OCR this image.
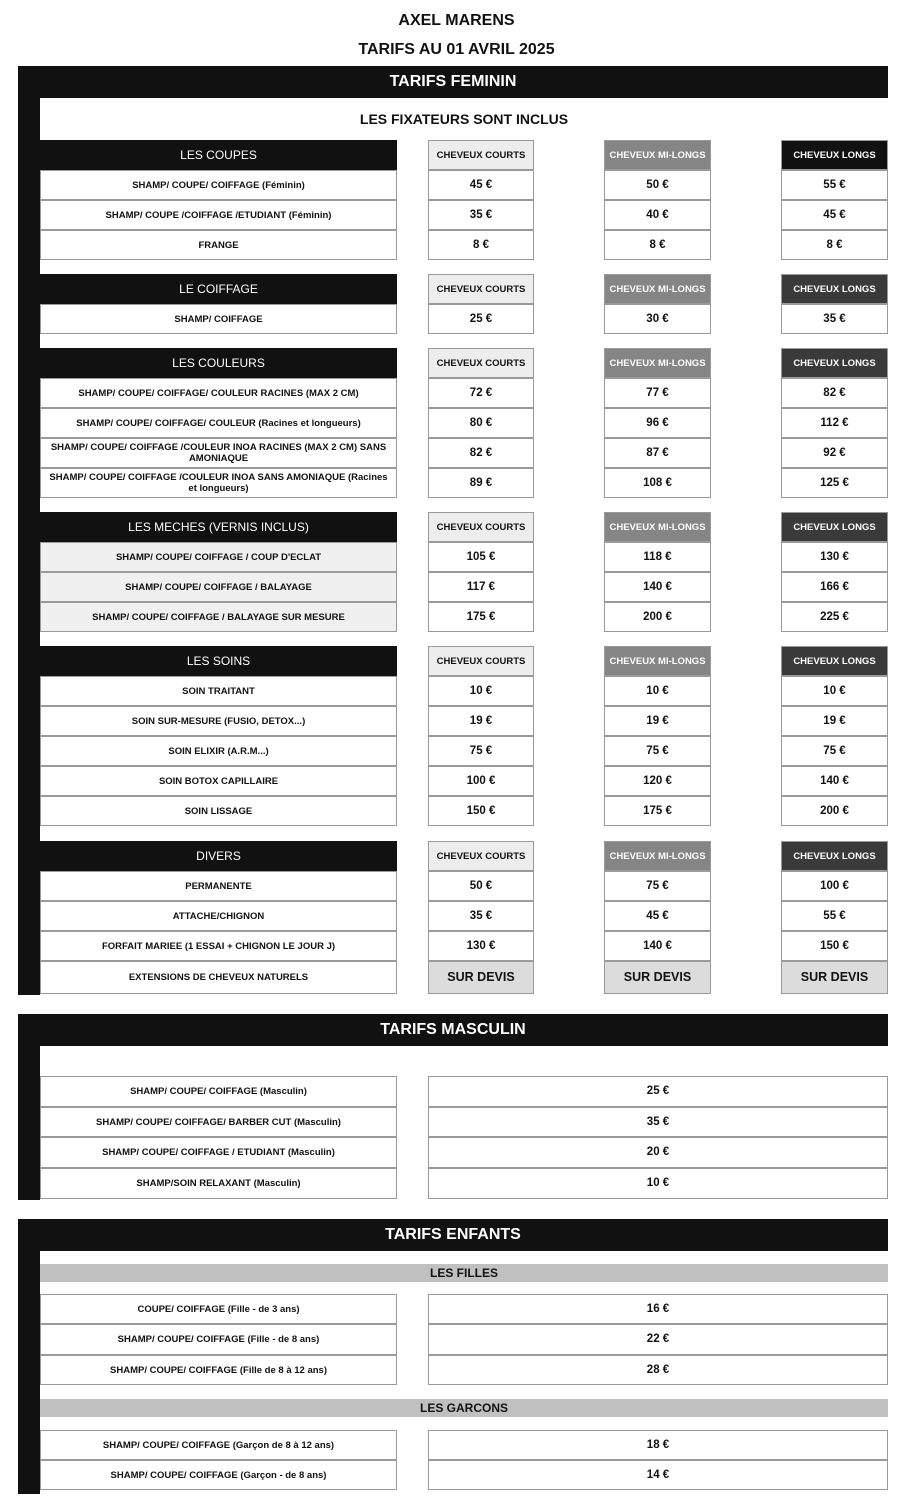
AXEL MARENS
TARIFS AU 01 AVRIL 2025
TARIFS FEMININ
LES FIXATEURS SONT INCLUS
LES COUPES	CHEVEUX COURTS	CHEVEUX MI-LONGS	CHEVEUX LONGS
SHAMP/ COUPE/ COIFFAGE (Féminin)	45 €	50 €	55 €
SHAMP/ COUPE /COIFFAGE /ETUDIANT (Féminin)	35 €	40 €	45 €
FRANGE	8 €	8 €	8 €
LE COIFFAGE	CHEVEUX COURTS	CHEVEUX MI-LONGS	CHEVEUX LONGS
SHAMP/ COIFFAGE	25 €	30 €	35 €
LES COULEURS	CHEVEUX COURTS	CHEVEUX MI-LONGS	CHEVEUX LONGS
SHAMP/ COUPE/ COIFFAGE/ COULEUR RACINES (MAX 2 CM)	72 €	77 €	82 €
SHAMP/ COUPE/ COIFFAGE/ COULEUR (Racines et longueurs)	80 €	96 €	112 €
SHAMP/ COUPE/ COIFFAGE /COULEUR INOA RACINES (MAX 2 CM) SANS AMONIAQUE	82 €	87 €	92 €
SHAMP/ COUPE/ COIFFAGE /COULEUR INOA SANS AMONIAQUE (Racines et longueurs)	89 €	108 €	125 €
LES MECHES (VERNIS INCLUS)	CHEVEUX COURTS	CHEVEUX MI-LONGS	CHEVEUX LONGS
SHAMP/ COUPE/ COIFFAGE / COUP D'ECLAT	105 €	118 €	130 €
SHAMP/ COUPE/ COIFFAGE / BALAYAGE	117 €	140 €	166 €
SHAMP/ COUPE/ COIFFAGE / BALAYAGE SUR MESURE	175 €	200 €	225 €
LES SOINS	CHEVEUX COURTS	CHEVEUX MI-LONGS	CHEVEUX LONGS
SOIN TRAITANT	10 €	10 €	10 €
SOIN SUR-MESURE (FUSIO, DETOX...)	19 €	19 €	19 €
SOIN ELIXIR (A.R.M...)	75 €	75 €	75 €
SOIN BOTOX CAPILLAIRE	100 €	120 €	140 €
SOIN LISSAGE	150 €	175 €	200 €
DIVERS	CHEVEUX COURTS	CHEVEUX MI-LONGS	CHEVEUX LONGS
PERMANENTE	50 €	75 €	100 €
ATTACHE/CHIGNON	35 €	45 €	55 €
FORFAIT MARIEE (1 ESSAI + CHIGNON LE JOUR J)	130 €	140 €	150 €
EXTENSIONS DE CHEVEUX NATURELS	SUR DEVIS	SUR DEVIS	SUR DEVIS
TARIFS MASCULIN
SHAMP/ COUPE/ COIFFAGE (Masculin)	25 €
SHAMP/ COUPE/ COIFFAGE/ BARBER CUT (Masculin)	35 €
SHAMP/ COUPE/ COIFFAGE / ETUDIANT (Masculin)	20 €
SHAMP/SOIN RELAXANT (Masculin)	10 €
TARIFS ENFANTS
LES FILLES
COUPE/ COIFFAGE (Fille - de 3 ans)	16 €
SHAMP/ COUPE/ COIFFAGE (Fille - de 8 ans)	22 €
SHAMP/ COUPE/ COIFFAGE (Fille de 8 à 12 ans)	28 €
LES GARCONS
SHAMP/ COUPE/ COIFFAGE (Garçon de 8 à 12 ans)	18 €
SHAMP/ COUPE/ COIFFAGE (Garçon - de 8 ans)	14 €
